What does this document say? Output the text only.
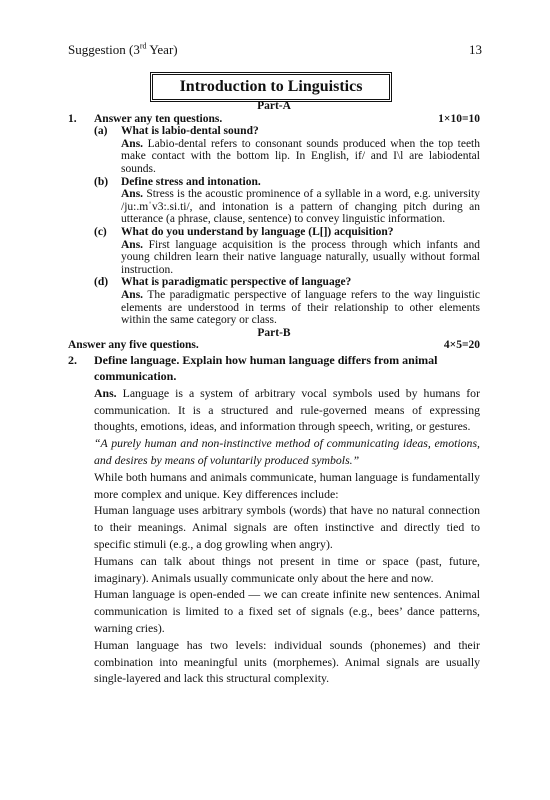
Suggestion (3rd Year)	13
Introduction to Linguistics

Part-A

1.	Answer any ten questions.	1×10=10
(a)	What is labio-dental sound?

Ans. Labio-dental refers to consonant sounds produced when the top teeth make contact with the bottom lip. In English, if/ and I\l are labiodental sounds.

(b)	Define stress and intonation.

Ans. Stress is the acoustic prominence of a syllable in a word, e.g. university /ju:.mˈv3:.si.ti/, and intonation is a pattern of changing pitch during an utterance (a phrase, clause, sentence) to convey linguistic information.

(c)	What do you understand by language (L[]) acquisition?

Ans. First language acquisition is the process through which infants and young children learn their native language naturally, usually without formal instruction.

(d)	What is paradigmatic perspective of language?

Ans. The paradigmatic perspective of language refers to the way linguistic elements are understood in terms of their relationship to other elements within the same category or class.

Part-B

Answer any five questions.	4×5=20
2.	Define language. Explain how human language differs from animal communication.

Ans. Language is a system of arbitrary vocal symbols used by humans for communication. It is a structured and rule-governed means of expressing thoughts, emotions, ideas, and information through speech, writing, or gestures.

“A purely human and non-instinctive method of communicating ideas, emotions, and desires by means of voluntarily produced symbols.”

While both humans and animals communicate, human language is fundamentally more complex and unique. Key differences include:

Human language uses arbitrary symbols (words) that have no natural connection to their meanings. Animal signals are often instinctive and directly tied to specific stimuli (e.g., a dog growling when angry).

Humans can talk about things not present in time or space (past, future, imaginary). Animals usually communicate only about the here and now.

Human language is open-ended — we can create infinite new sentences. Animal communication is limited to a fixed set of signals (e.g., bees’ dance patterns, warning cries).

Human language has two levels: individual sounds (phonemes) and their combination into meaningful units (morphemes). Animal signals are usually single-layered and lack this structural complexity.
